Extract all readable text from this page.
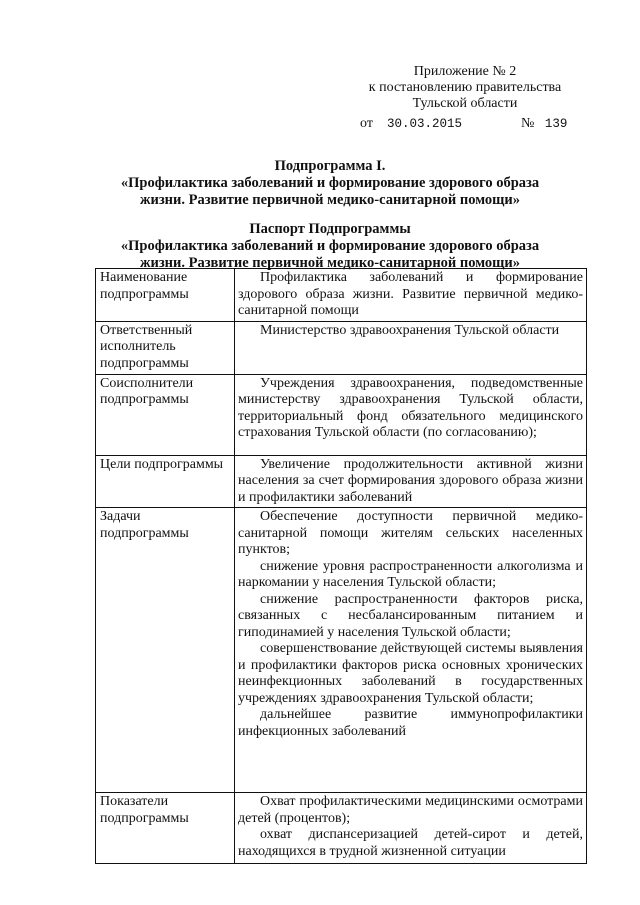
Приложение № 2
к постановлению правительства
Тульской области
от 30.03.2015	№ 139
Подпрограмма I.
«Профилактика заболеваний и формирование здорового образа
жизни. Развитие первичной медико-санитарной помощи»
Паспорт Подпрограммы
«Профилактика заболеваний и формирование здорового образа
жизни. Развитие первичной медико-санитарной помощи»
Наименование подпрограммы	Профилактика заболеваний и формирование здорового образа жизни. Развитие первичной медико-санитарной помощи

Ответственный исполнитель подпрограммы	Министерство здравоохранения Тульской области

Соисполнители подпрограммы	Учреждения здравоохранения, подведомственные министерству здравоохранения Тульской области, территориальный фонд обязательного медицинского страхования Тульской области (по согласованию);

Цели подпрограммы	Увеличение продолжительности активной жизни населения за счет формирования здорового образа жизни и профилактики заболеваний

Задачи подпрограммы	Обеспечение доступности первичной медико-санитарной помощи жителям сельских населенных пунктов;

снижение уровня распространенности алкоголизма и наркомании у населения Тульской области;

снижение распространенности факторов риска, связанных с несбалансированным питанием и гиподинамией у населения Тульской области;

совершенствование действующей системы выявления и профилактики факторов риска основных хронических неинфекционных заболеваний в государственных учреждениях здравоохранения Тульской области;

дальнейшее развитие иммунопрофилактики инфекционных заболеваний

Показатели подпрограммы	Охват профилактическими медицинскими осмотрами детей (процентов);

охват диспансеризацией детей-сирот и детей, находящихся в трудной жизненной ситуации
